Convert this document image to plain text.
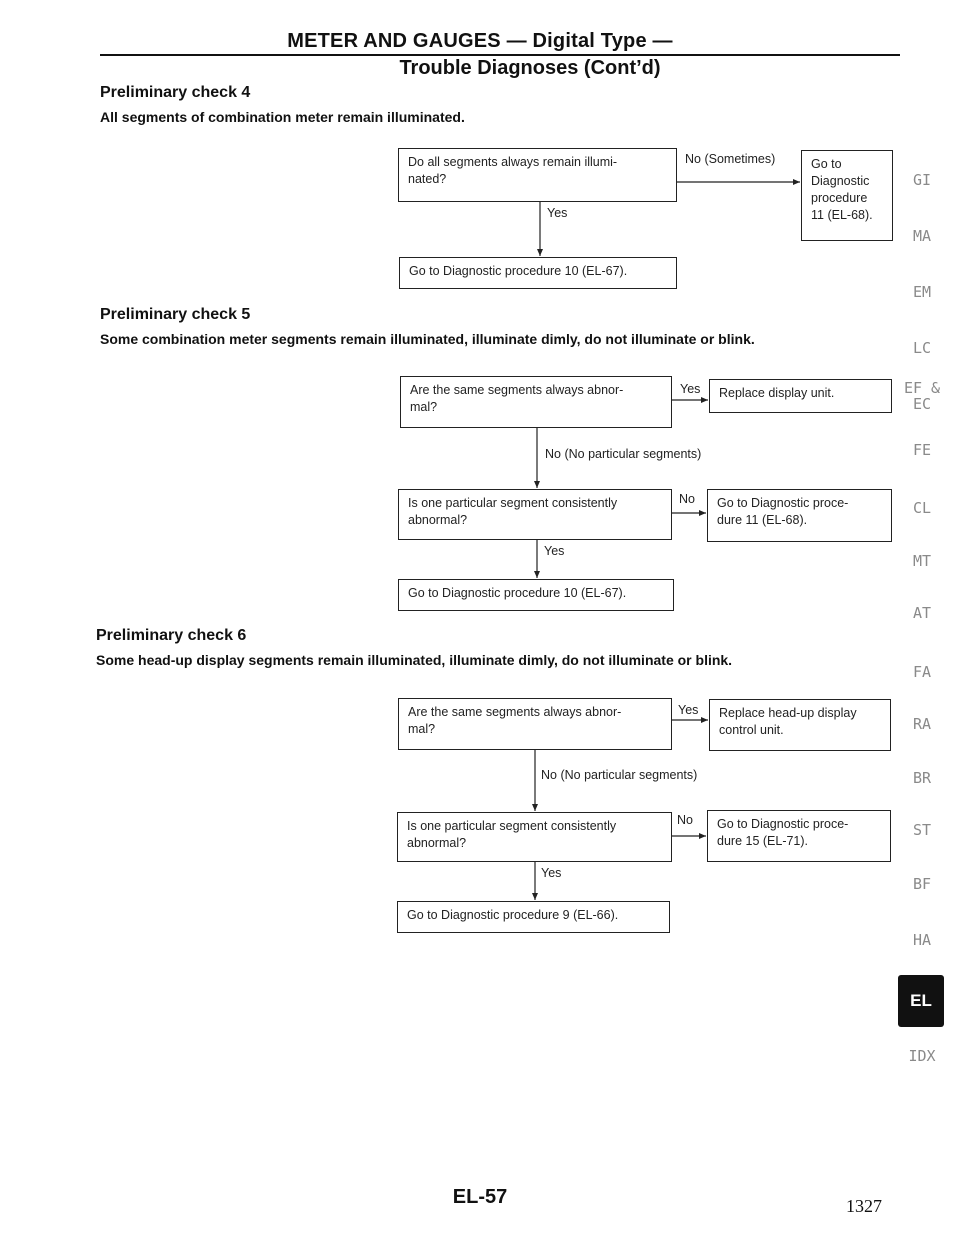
METER AND GAUGES — Digital Type —
Trouble Diagnoses (Cont’d)
Preliminary check 4
All segments of combination meter remain illuminated.
Do all segments always remain illumi-
nated?
No (Sometimes)	Go to
Diagnostic
procedure
11 (EL-68).
Yes
Go to Diagnostic procedure 10 (EL-67).
Preliminary check 5
Some combination meter segments remain illuminated, illuminate dimly, do not illuminate or blink.
Are the same segments always abnor-
mal?
Yes	Replace display unit.
No (No particular segments)
Is one particular segment consistently
abnormal?
No	Go to Diagnostic proce-
dure 11 (EL-68).
Yes
Go to Diagnostic procedure 10 (EL-67).
Preliminary check 6
Some head-up display segments remain illuminated, illuminate dimly, do not illuminate or blink.
Are the same segments always abnor-
mal?
Yes	Replace head-up display
control unit.
No (No particular segments)
Is one particular segment consistently
abnormal?
No	Go to Diagnostic proce-
dure 15 (EL-71).
Yes
Go to Diagnostic procedure 9 (EL-66).
GI
MA
EM
LC
EF &
EC
FE
CL
MT
AT
FA
RA
BR
ST
BF
HA
EL
IDX
EL-57	1327
